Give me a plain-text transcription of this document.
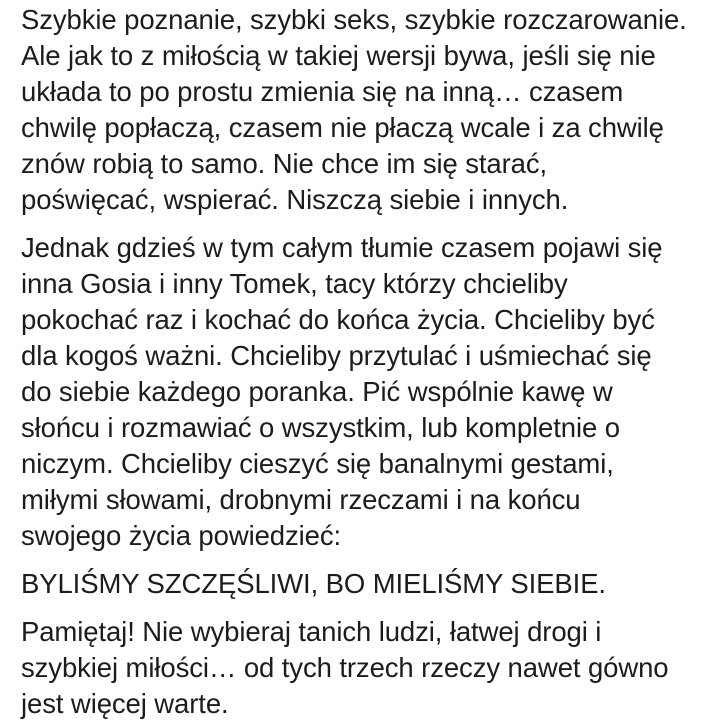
Szybkie poznanie, szybki seks, szybkie rozczarowanie.
Ale jak to z miłością w takiej wersji bywa, jeśli się nie
układa to po prostu zmienia się na inną… czasem
chwilę popłaczą, czasem nie płaczą wcale i za chwilę
znów robią to samo. Nie chce im się starać,
poświęcać, wspierać. Niszczą siebie i innych.
Jednak gdzieś w tym całym tłumie czasem pojawi się
inna Gosia i inny Tomek, tacy którzy chcieliby
pokochać raz i kochać do końca życia. Chcieliby być
dla kogoś ważni. Chcieliby przytulać i uśmiechać się
do siebie każdego poranka. Pić wspólnie kawę w
słońcu i rozmawiać o wszystkim, lub kompletnie o
niczym. Chcieliby cieszyć się banalnymi gestami,
miłymi słowami, drobnymi rzeczami i na końcu
swojego życia powiedzieć:
BYLIŚMY SZCZĘŚLIWI, BO MIELIŚMY SIEBIE.
Pamiętaj! Nie wybieraj tanich ludzi, łatwej drogi i
szybkiej miłości… od tych trzech rzeczy nawet gówno
jest więcej warte.
